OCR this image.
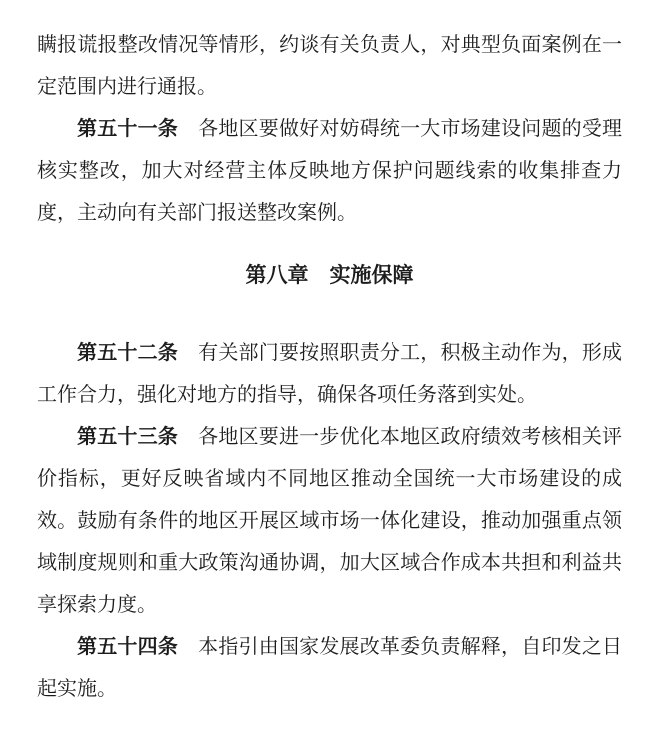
瞒报谎报整改情况等情形，约谈有关负责人，对典型负面案例在一定范围内进行通报。

第五十一条　 各地区要做好对妨碍统一大市场建设问题的受理核实整改，加大对经营主体反映地方保护问题线索的收集排查力度，主动向有关部门报送整改案例。

第八章　实施保障

第五十二条　 有关部门要按照职责分工，积极主动作为，形成工作合力，强化对地方的指导，确保各项任务落到实处。

第五十三条　 各地区要进一步优化本地区政府绩效考核相关评价指标，更好反映省域内不同地区推动全国统一大市场建设的成效。鼓励有条件的地区开展区域市场一体化建设，推动加强重点领域制度规则和重大政策沟通协调，加大区域合作成本共担和利益共享探索力度。

第五十四条　 本指引由国家发展改革委负责解释，自印发之日起实施。
